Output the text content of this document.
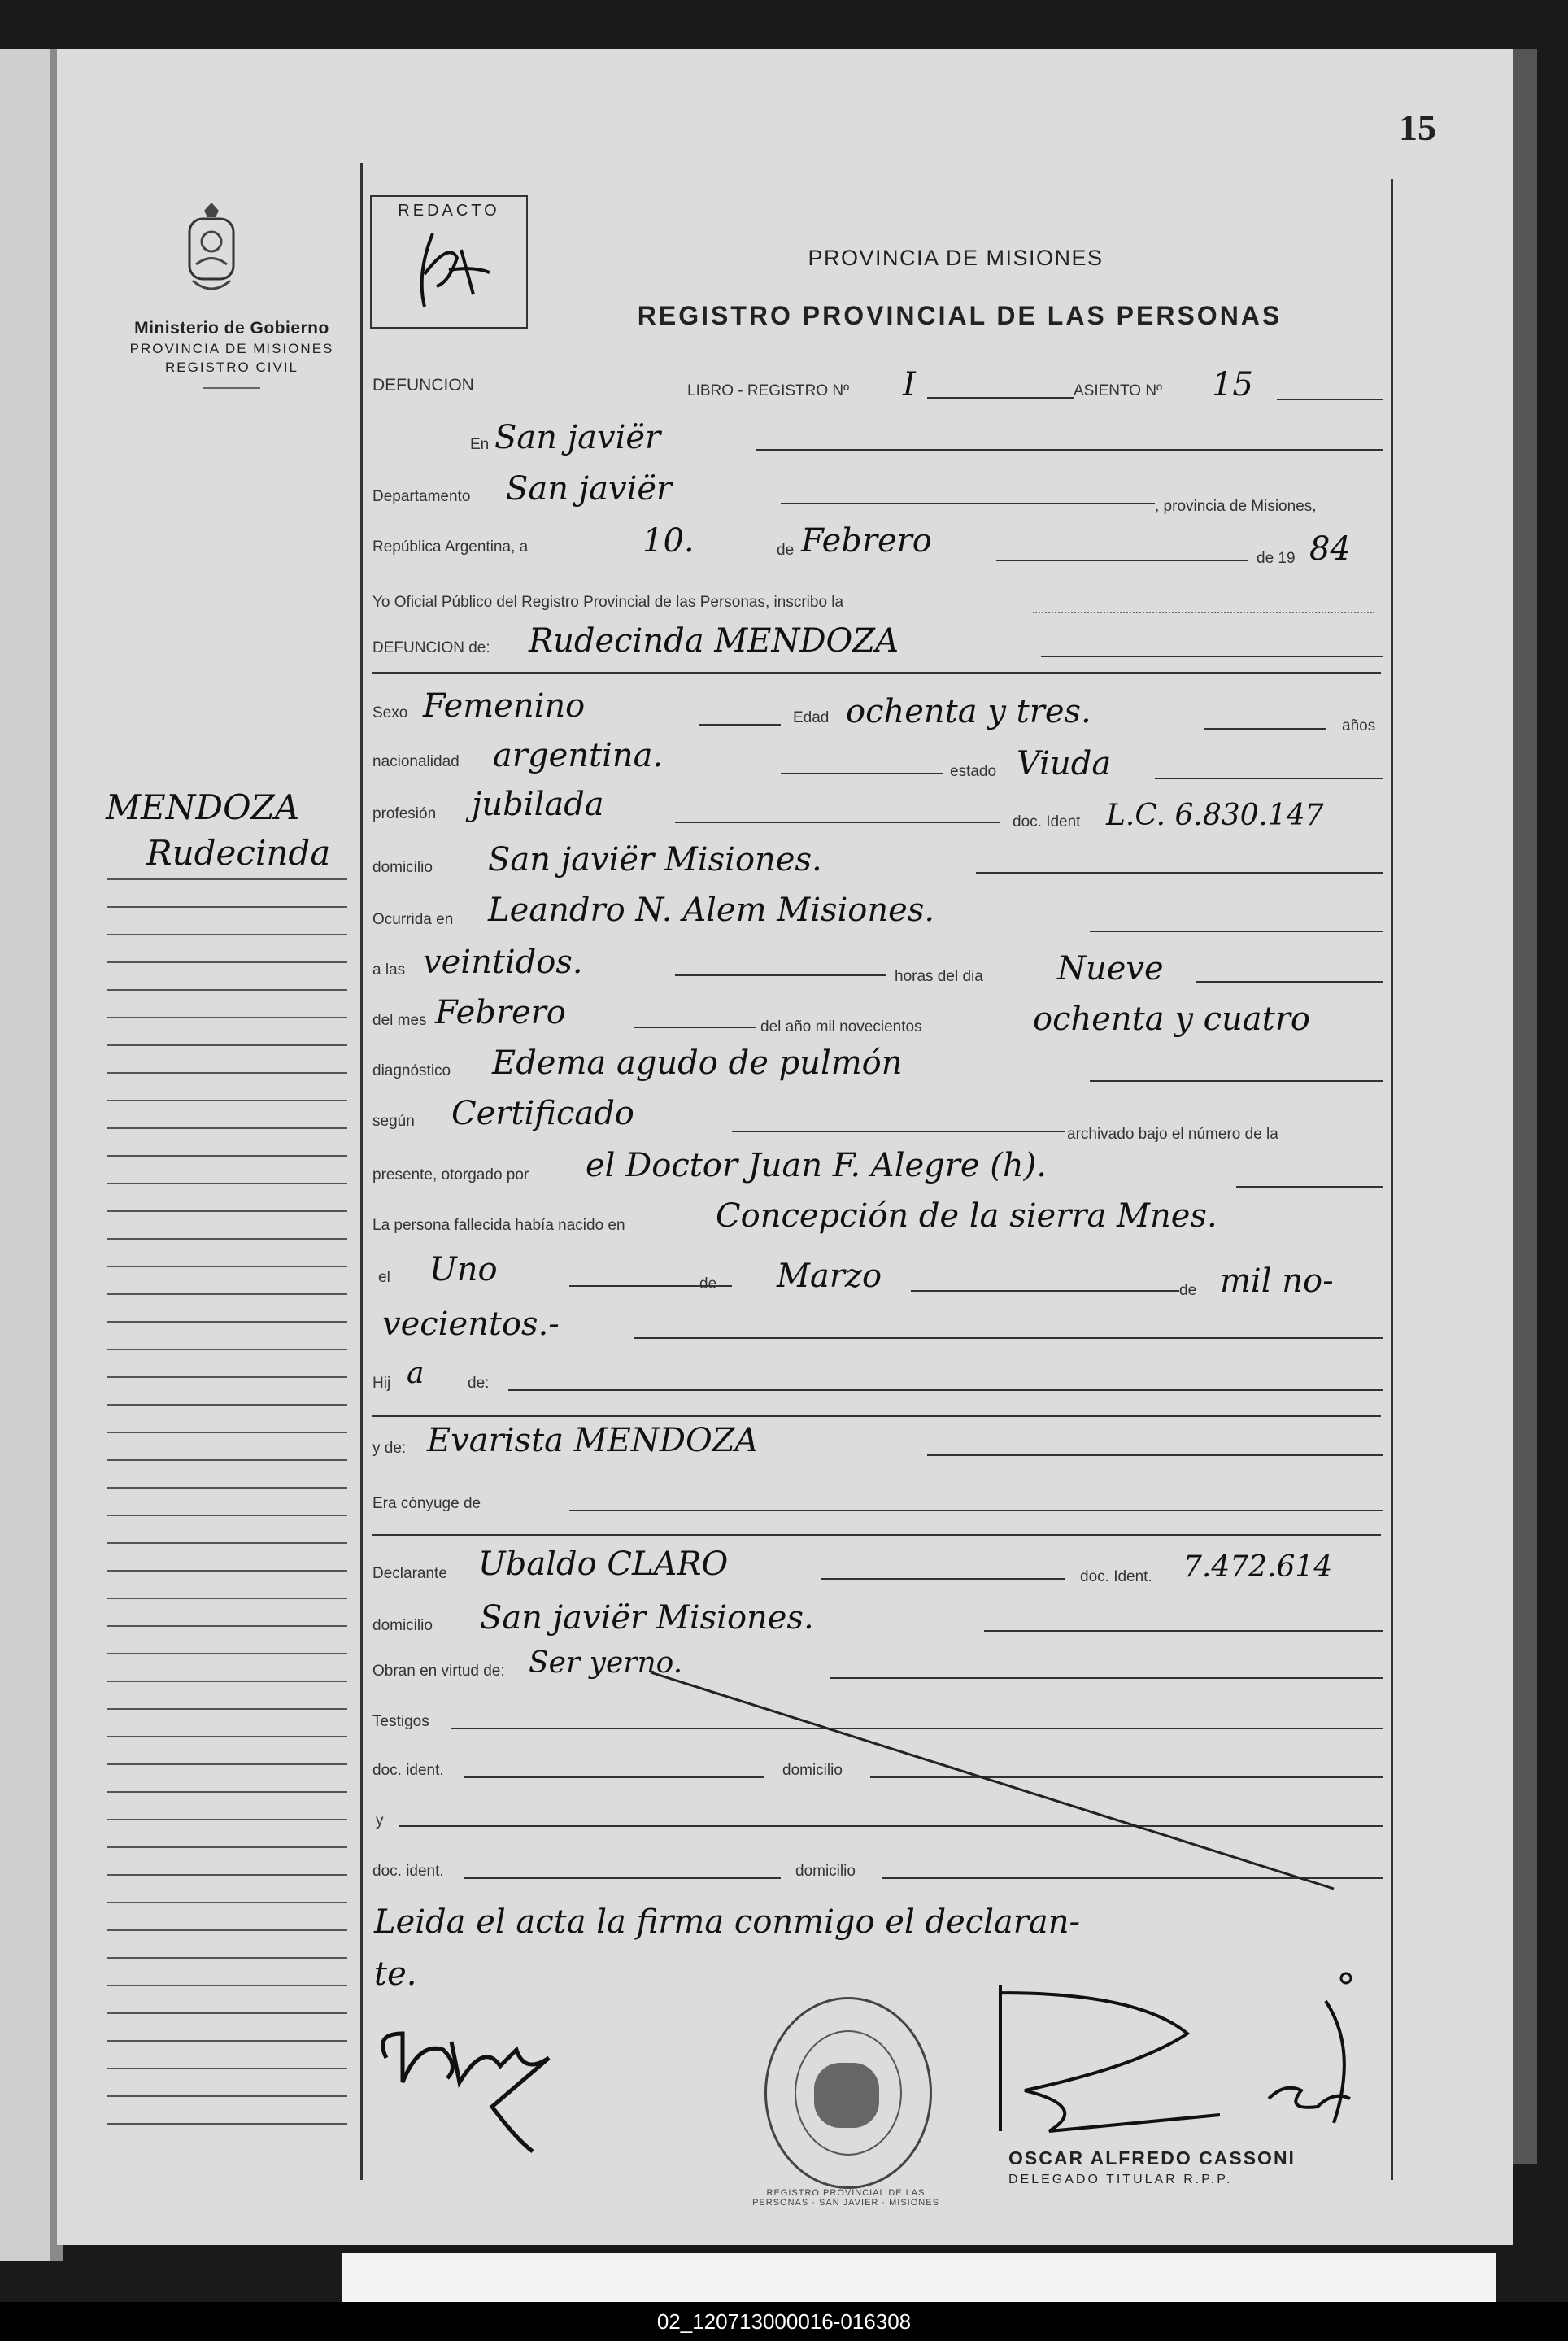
15
Ministerio de Gobierno
PROVINCIA DE MISIONES
REGISTRO CIVIL
REDACTO
PROVINCIA DE MISIONES
REGISTRO PROVINCIAL DE LAS PERSONAS
DEFUNCION	LIBRO - REGISTRO Nº I	ASIENTO Nº 15
En San javiër
Departamento San javiër	, provincia de Misiones,
República Argentina, a	10.	de Febrero	de 19 84
Yo Oficial Público del Registro Provincial de las Personas, inscribo la
DEFUNCION de: Rudecinda MENDOZA
Sexo Femenino	Edad ochenta y tres.	años
nacionalidad argentina.	estado Viuda
profesión jubilada	doc. Ident L.C. 6.830.147
domicilio San javiër Misiones.
Ocurrida en Leandro N. Alem Misiones.
a las veintidos.	horas del dia Nueve
del mes Febrero	del año mil novecientos	ochenta y cuatro
diagnóstico Edema agudo de pulmón
según Certificado
archivado bajo el número de la
presente, otorgado por el Doctor Juan F. Alegre (h).
La persona fallecida había nacido en	Concepción de la sierra Mnes.
el Uno	de Marzo	de mil no-
vecientos.-
Hij a	de:
y de: Evarista MENDOZA
Era cónyuge de
Declarante Ubaldo CLARO	doc. Ident. 7.472.614
domicilio San javiër Misiones.
Obran en virtud de: Ser yerno.
Testigos
doc. ident.	domicilio
y
doc. ident.	domicilio
Leida el acta la firma conmigo el declaran-
te.
REGISTRO PROVINCIAL DE LAS PERSONAS · SAN JAVIER · MISIONES
OSCAR ALFREDO CASSONI
DELEGADO TITULAR R.P.P.
MENDOZA
Rudecinda
02_120713000016-016308
